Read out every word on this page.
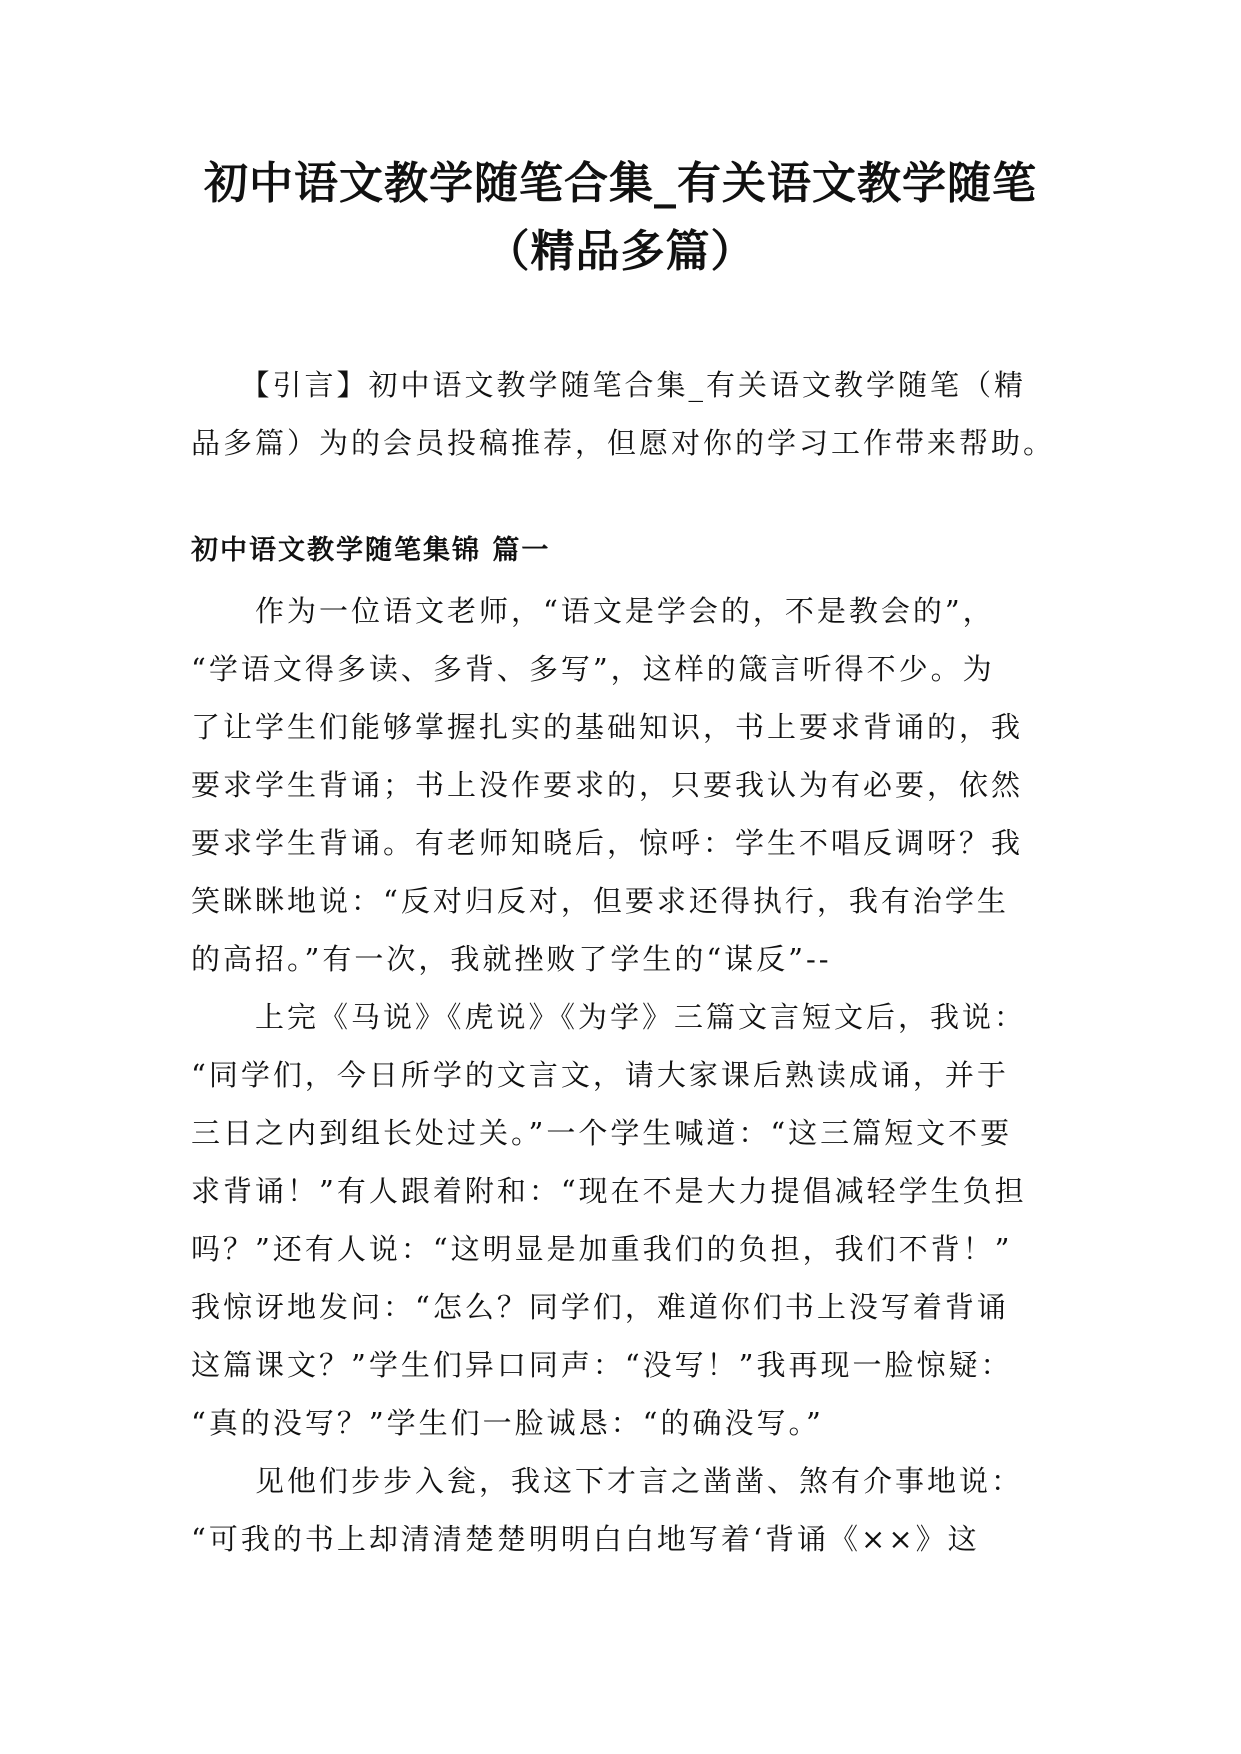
初中语文教学随笔合集_有关语文教学随笔
（精品多篇）

　　【引言】初中语文教学随笔合集_有关语文教学随笔（精
品多篇）为的会员投稿推荐，但愿对你的学习工作带来帮助。

初中语文教学随笔集锦 篇一
　　作为一位语文老师，“语文是学会的，不是教会的”，
“学语文得多读、多背、多写”，这样的箴言听得不少。为
了让学生们能够掌握扎实的基础知识，书上要求背诵的，我
要求学生背诵；书上没作要求的，只要我认为有必要，依然
要求学生背诵。有老师知晓后，惊呼：学生不唱反调呀？我
笑眯眯地说：“反对归反对，但要求还得执行，我有治学生
的高招。”有一次，我就挫败了学生的“谋反”--
　　上完《马说》《虎说》《为学》三篇文言短文后，我说：
“同学们，今日所学的文言文，请大家课后熟读成诵，并于
三日之内到组长处过关。”一个学生喊道：“这三篇短文不要
求背诵！”有人跟着附和：“现在不是大力提倡减轻学生负担
吗？”还有人说：“这明显是加重我们的负担，我们不背！”
我惊讶地发问：“怎么？同学们，难道你们书上没写着背诵
这篇课文？”学生们异口同声：“没写！”我再现一脸惊疑：
“真的没写？”学生们一脸诚恳：“的确没写。”
　　见他们步步入瓮，我这下才言之凿凿、煞有介事地说：
“可我的书上却清清楚楚明明白白地写着‘背诵《××》这
